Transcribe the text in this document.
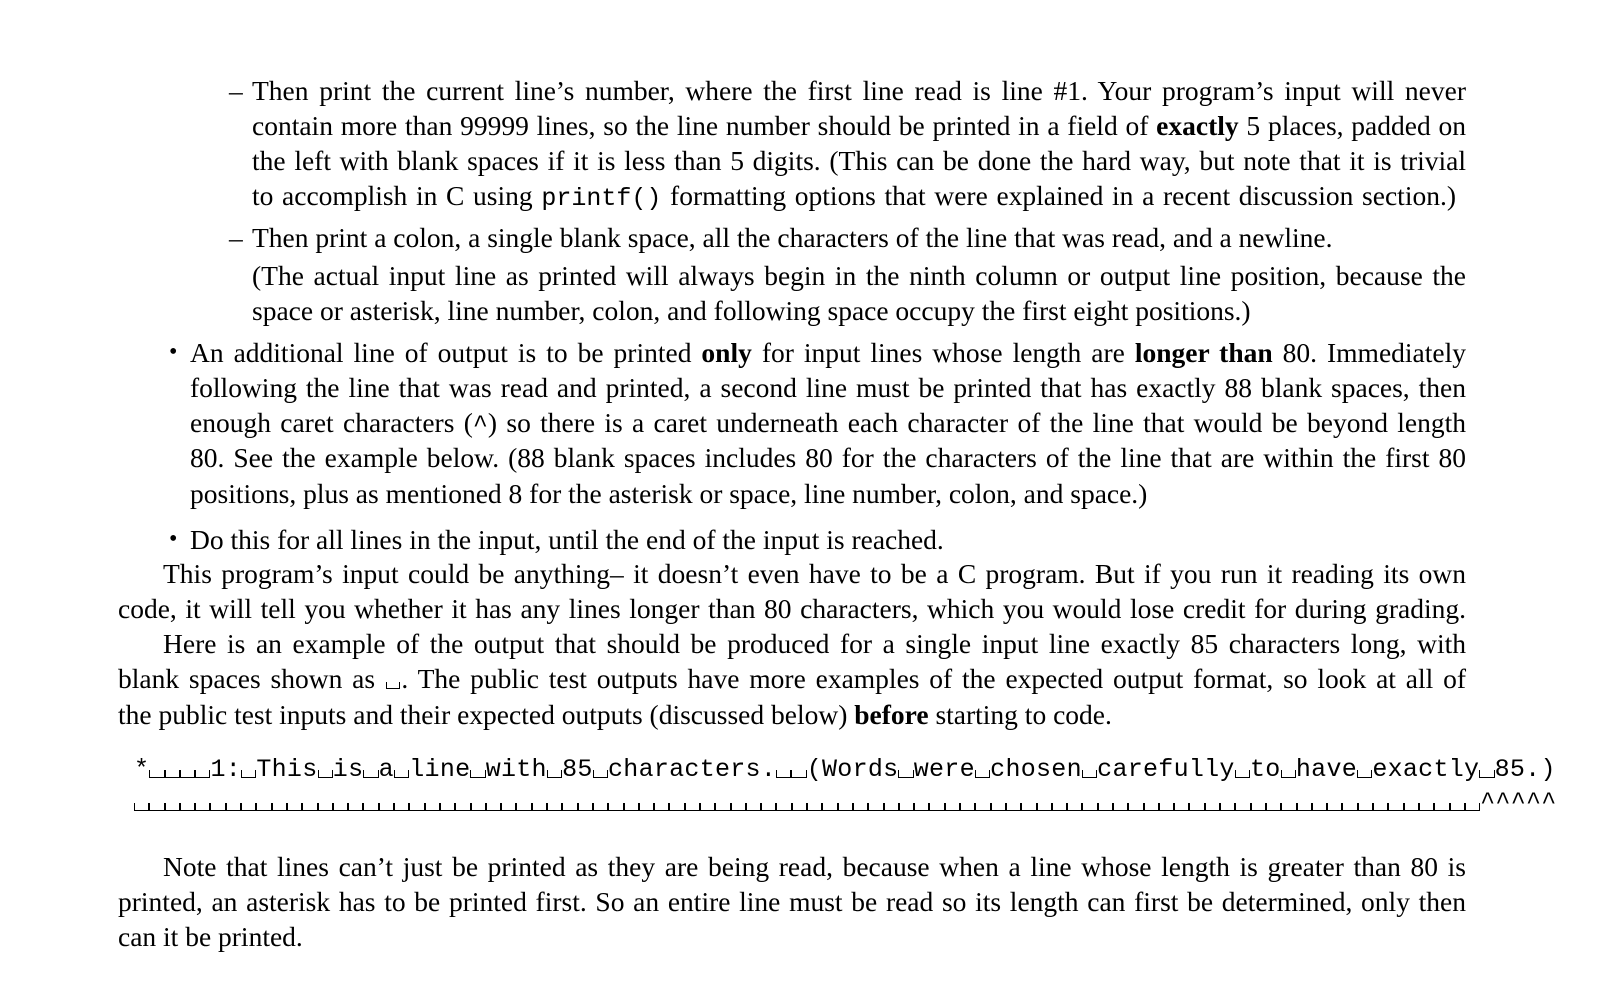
– Then print the current line’s number, where the first line read is line #1. Your program’s input will never
contain more than 99999 lines, so the line number should be printed in a field of exactly 5 places, padded on
the left with blank spaces if it is less than 5 digits. (This can be done the hard way, but note that it is trivial
to accomplish in C using printf() formatting options that were explained in a recent discussion section.)
– Then print a colon, a single blank space, all the characters of the line that was read, and a newline.
(The actual input line as printed will always begin in the ninth column or output line position, because the
space or asterisk, line number, colon, and following space occupy the first eight positions.)
• An additional line of output is to be printed only for input lines whose length are longer than 80. Immediately
following the line that was read and printed, a second line must be printed that has exactly 88 blank spaces, then
enough caret characters (^) so there is a caret underneath each character of the line that would be beyond length
80. See the example below. (88 blank spaces includes 80 for the characters of the line that are within the first 80
positions, plus as mentioned 8 for the asterisk or space, line number, colon, and space.)
• Do this for all lines in the input, until the end of the input is reached.
This program’s input could be anything– it doesn’t even have to be a C program. But if you run it reading its own
code, it will tell you whether it has any lines longer than 80 characters, which you would lose credit for during grading.
Here is an example of the output that should be produced for a single input line exactly 85 characters long, with
blank spaces shown as . The public test outputs have more examples of the expected output format, so look at all of
the public test inputs and their expected outputs (discussed below) before starting to code.
* 1: This is a line with 85 characters. (Words were chosen carefully to have exactly 85.)
^^^^^
Note that lines can’t just be printed as they are being read, because when a line whose length is greater than 80 is
printed, an asterisk has to be printed first. So an entire line must be read so its length can first be determined, only then
can it be printed.
